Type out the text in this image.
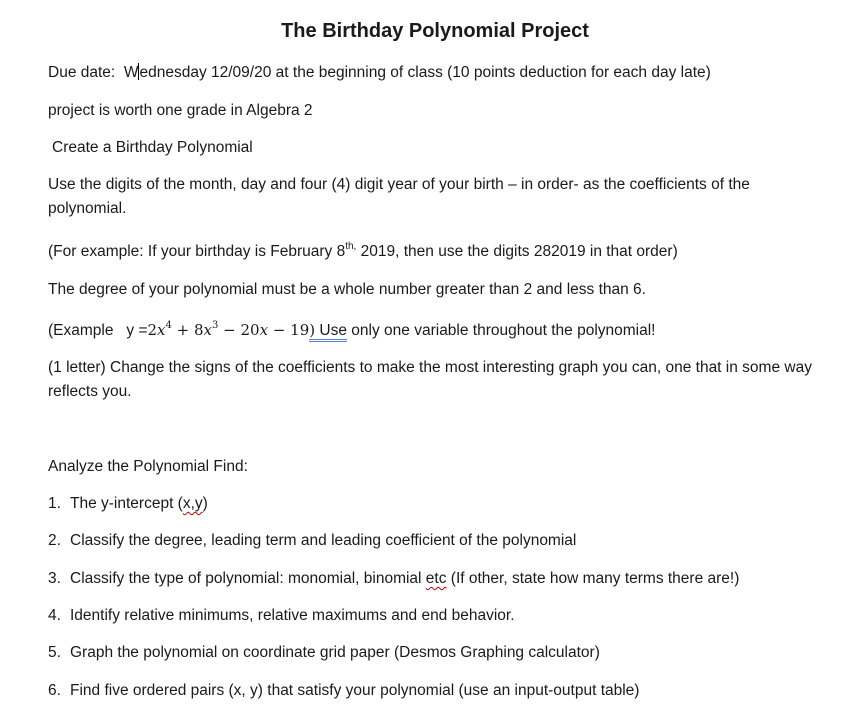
The Birthday Polynomial Project
Due date: Wednesday 12/09/20 at the beginning of class (10 points deduction for each day late)
project is worth one grade in Algebra 2
Create a Birthday Polynomial
Use the digits of the month, day and four (4) digit year of your birth – in order- as the coefficients of the polynomial.
(For example: If your birthday is February $8^{th,}$ 2019, then use the digits 282019 in that order)
The degree of your polynomial must be a whole number greater than 2 and less than 6.
(Example $y =2x^4 + 8x^3 - 20x - 19$) Use only one variable throughout the polynomial!
(1 letter) Change the signs of the coefficients to make the most interesting graph you can, one that in some way reflects you.
Analyze the Polynomial Find:
1. The y-intercept (x,y)
2. Classify the degree, leading term and leading coefficient of the polynomial
3. Classify the type of polynomial: monomial, binomial etc (If other, state how many terms there are!)
4. Identify relative minimums, relative maximums and end behavior.
5. Graph the polynomial on coordinate grid paper (Desmos Graphing calculator)
6. Find five ordered pairs (x, y) that satisfy your polynomial (use an input-output table)
